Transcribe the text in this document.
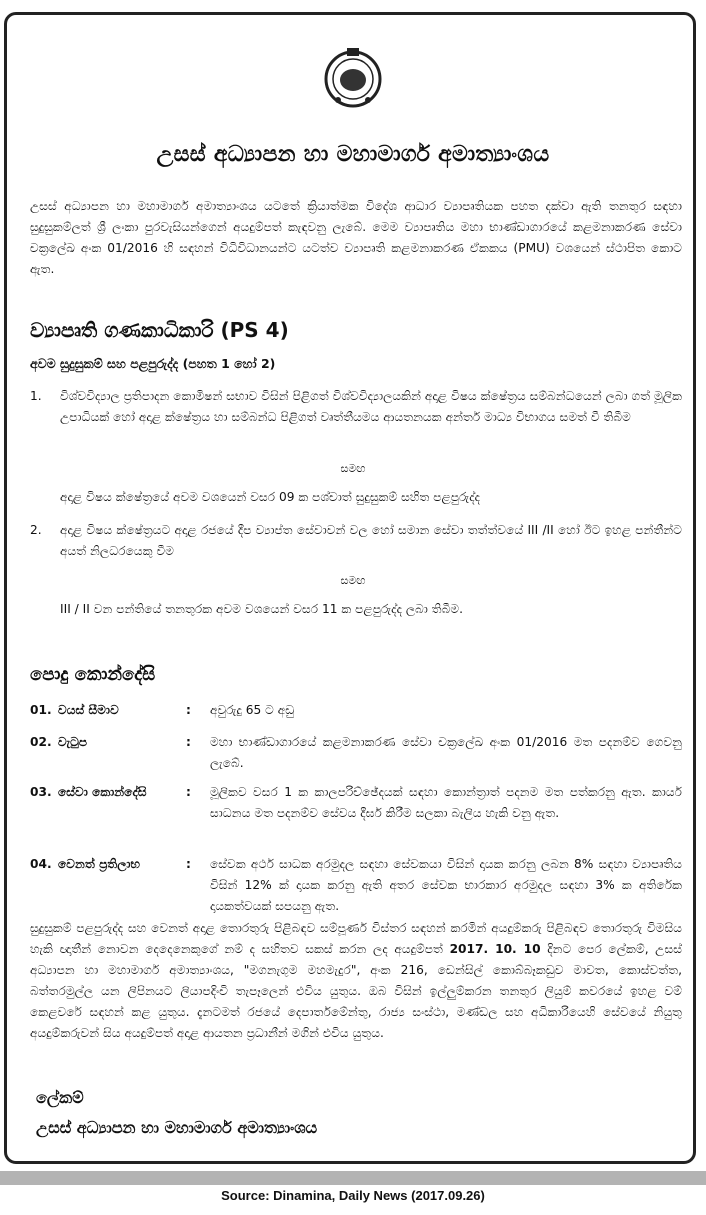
උසස් අධ්‍යාපන හා මහාමාර්ග අමාත්‍යාංශය
උසස් අධ්‍යාපන හා මහාමාර්ග අමාත්‍යාංශය යටතේ ක්‍රියාත්මක විදේශ ආධාර ව්‍යාපෘතියක පහත දක්වා ඇති තනතුර සඳහා සුදුසුකම්ලත් ශ්‍රී ලංකා පුරවැසියන්ගෙන් අයදුම්පත් කැඳවනු ලැබේ. මෙම ව්‍යාපෘතිය මහා භාණ්ඩාගාරයේ කළමනාකරණ සේවා චක්‍රලේඛ අංක 01/2016 හි සඳහන් විධිවිධානයන්ට යටත්ව ව්‍යාපෘති කළමනාකරණ ඒකකය (PMU) වශයෙන් ස්ථාපිත කොට ඇත.
ව්‍යාපෘති ගණකාධිකාරි (PS 4)
අවම සුදුසුකම් සහ පළපුරුද්ද (පහත 1 හෝ 2)
1. විශ්වවිද්‍යාල ප්‍රතිපාදන කොමිෂන් සභාව විසින් පිළිගත් විශ්වවිද්‍යාලයකින් අදාළ විෂය ක්ෂේත්‍රය සම්බන්ධයෙන් ලබා ගත් මූලික උපාධියක් හෝ අදාළ ක්ෂේත්‍රය හා සම්බන්ධ පිළිගත් වෘත්තීයමය ආයතනයක අන්තර් මාධ්‍ය විභාගය සමත් වී තිබීම
සමඟ
අදාළ විෂය ක්ෂේත්‍රයේ අවම වශයෙන් වසර 09 ක පශ්චාත් සුදුසුකම් සහිත පළපුරුද්ද
2. අදාළ විෂය ක්ෂේත්‍රයට අදාළ රජයේ දීප ව්‍යාප්ත සේවාවන් වල හෝ සමාන සේවා තත්ත්වයේ III /II හෝ ඊට ඉහළ පන්තීන්ට අයත් නිලධරයෙකු වීම
සමඟ
III / II වන පන්තියේ තනතුරක අවම වශයෙන් වසර 11 ක පළපුරුද්ද ලබා තිබීම.
පොදු කොන්දේසි
01. වයස් සීමාව	: අවුරුදු 65 ට අඩු
02. වැටුප	: මහා භාණ්ඩාගාරයේ කළමනාකරණ සේවා චක්‍රලේඛ අංක 01/2016 මත පදනම්ව ගෙවනු ලැබේ.
03. සේවා කොන්දේසි	: මූලිකව වසර 1 ක කාලපරිච්ඡේදයක් සඳහා කොන්ත්‍රාත් පදනම මත පත්කරනු ඇත. කාර්ය සාධනය මත පදනම්ව සේවය දීර්ඝ කිරීම සලකා බැලිය හැකි වනු ඇත.
04. වෙනත් ප්‍රතිලාභ	: සේවක අර්ථ සාධක අරමුදල සඳහා සේවකයා විසින් දායක කරනු ලබන 8% සඳහා ව්‍යාපෘතිය විසින් 12% ක් දායක කරනු ඇති අතර සේවක භාරකාර අරමුදල සඳහා 3% ක අතිරේක දායකත්වයක් සපයනු ඇත.
සුදුසුකම් පළපුරුද්ද සහ වෙනත් අදාළ තොරතුරු පිළිබඳව සම්පූර්ණ විස්තර සඳහන් කරමින් අයදුම්කරු පිළිබඳව තොරතුරු විමසිය හැකි ඥාතීන් නොවන දෙදෙනෙකුගේ නම් ද සහිතව සකස් කරන ලද අයදුම්පත් 2017. 10. 10 දිනට පෙර ලේකම්, උසස් අධ්‍යාපන හා මහාමාර්ග අමාත්‍යාංශය, "මගනැගුම මහමැදුර", අංක 216, ඩෙන්සිල් කොබ්බෑකඩුව මාවත, කොස්වත්ත, බත්තරමුල්ල යන ලිපිනයට ලියාපදිංචි තැපෑලෙන් එවිය යුතුය. ඔබ විසින් ඉල්ලුම්කරන තනතුර ලියුම් කවරයේ ඉහළ වම් කෙළවරේ සඳහන් කළ යුතුය. දැනටමත් රජයේ දෙපාර්තමේන්තු, රාජ්‍ය සංස්ථා, මණ්ඩල සහ අධිකාරියෙහි සේවයේ නියුතු අයදුම්කරුවන් සිය අයදුම්පත් අදාළ ආයතන ප්‍රධානීන් මගින් එවිය යුතුය.
ලේකම්
උසස් අධ්‍යාපන හා මහාමාර්ග අමාත්‍යාංශය
Source: Dinamina, Daily News (2017.09.26)
